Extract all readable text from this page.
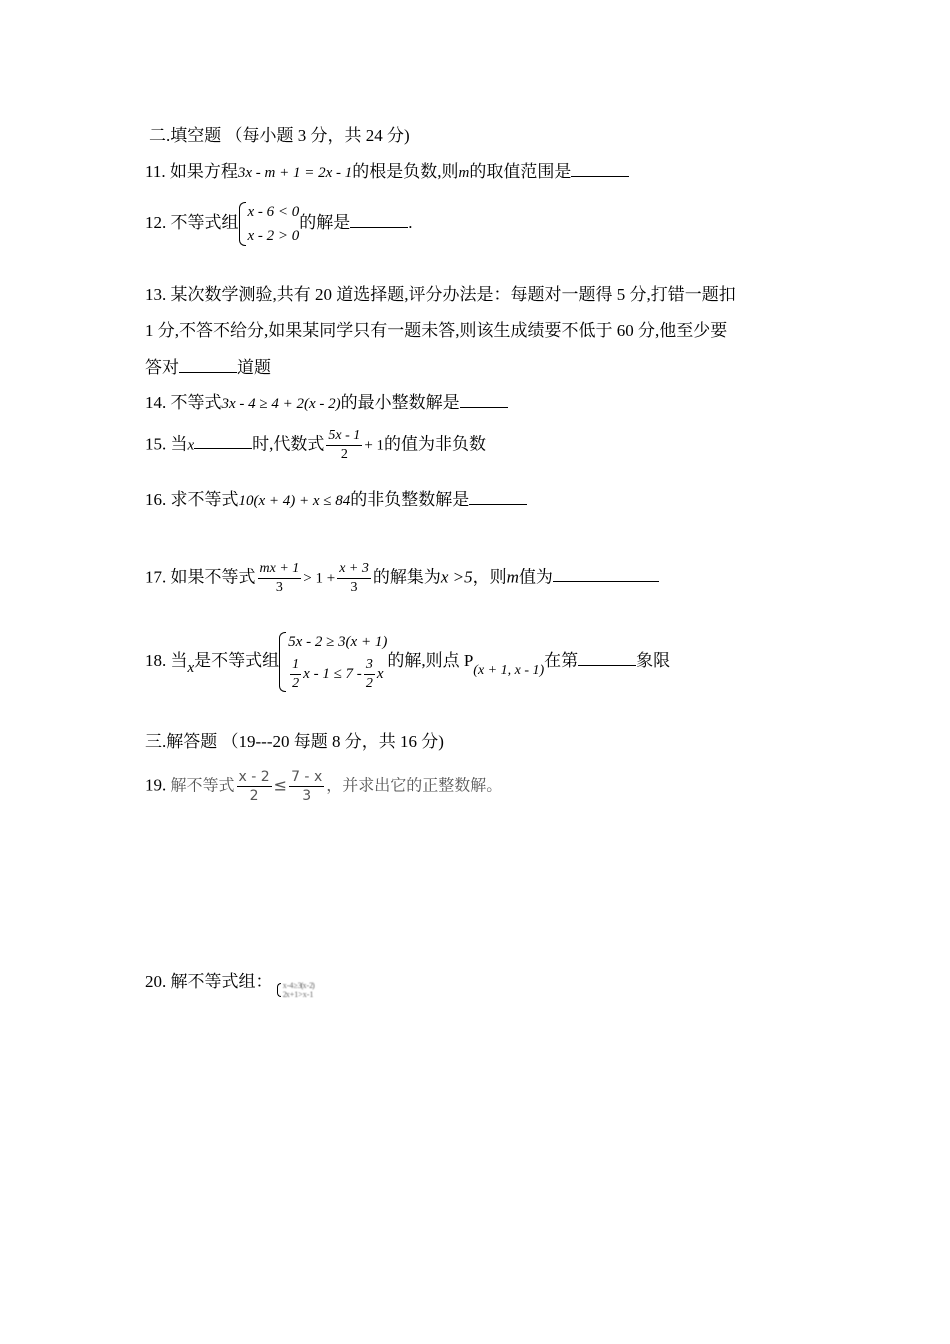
二.填空题 （每小题 3 分，共 24 分)
11. 如果方程3x - m + 1 = 2x - 1的根是负数,则m的取值范围是
12. 不等式组
x - 6 < 0
x - 2 > 0
的解是	.
13. 某次数学测验,共有 20 道选择题,评分办法是：每题对一题得 5 分,打错一题扣
1 分,不答不给分,如果某同学只有一题未答,则该生成绩要不低于 60 分,他至少要
答对	道题
14. 不等式3x - 4 ≥ 4 + 2(x - 2)的最小整数解是
15. 当x	时,代数式 $\frac{5x - 1}{2} + 1$的值为非负数
16. 求不等式10(x + 4) + x ≤ 84的非负整数解是
17. 如果不等式 $\frac{mx + 1}{3} > 1 + \frac{x + 3}{3}$ 的解集为x >5，则m值为
18. 当x是不等式组
5x - 2 ≥ 3(x + 1)
$\frac{1}{2}$ $x - 1 \le 7 - \frac{3}{2}$ x
的解,则点 $P_{(x + 1, x - 1)}$在第	象限
三.解答题 （19---20 每题 8 分，共 16 分)
19. 解不等式 $\frac{x - 2}{2} \le \frac{7 - x}{3}$ ，并求出它的正整数解。
20. 解不等式组： x - 4 ≥ 3(x - 2)
2x + 1 > x - 1
